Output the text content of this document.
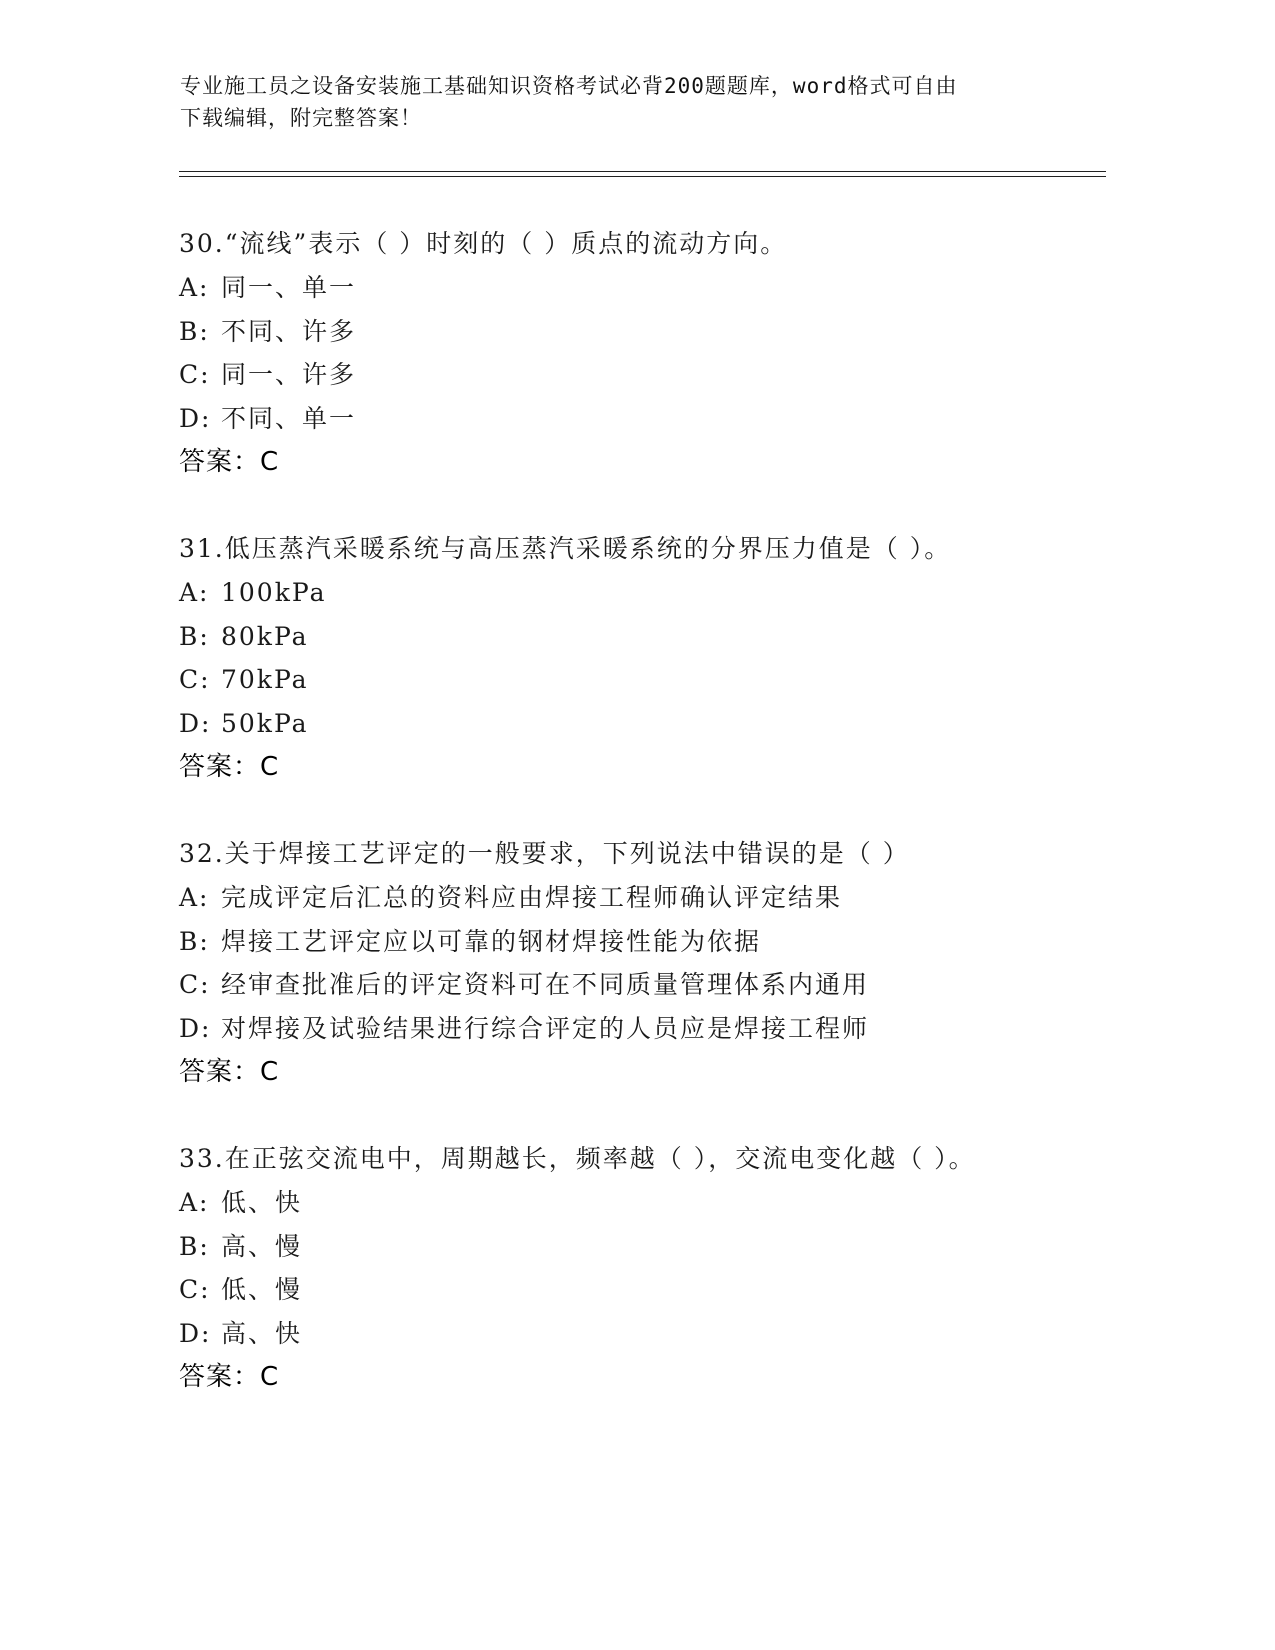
专业施工员之设备安装施工基础知识资格考试必背200题题库，word格式可自由
下载编辑，附完整答案！
30.“流线”表示（ ）时刻的（ ）质点的流动方向。
A: 同一、单一
B: 不同、许多
C: 同一、许多
D: 不同、单一
答案：C
31.低压蒸汽采暖系统与高压蒸汽采暖系统的分界压力值是（ ）。
A: 100kPa
B: 80kPa
C: 70kPa
D: 50kPa
答案：C
32.关于焊接工艺评定的一般要求，下列说法中错误的是（ ）
A: 完成评定后汇总的资料应由焊接工程师确认评定结果
B: 焊接工艺评定应以可靠的钢材焊接性能为依据
C: 经审查批准后的评定资料可在不同质量管理体系内通用
D: 对焊接及试验结果进行综合评定的人员应是焊接工程师
答案：C
33.在正弦交流电中，周期越长，频率越（ ），交流电变化越（ ）。
A: 低、快
B: 高、慢
C: 低、慢
D: 高、快
答案：C
